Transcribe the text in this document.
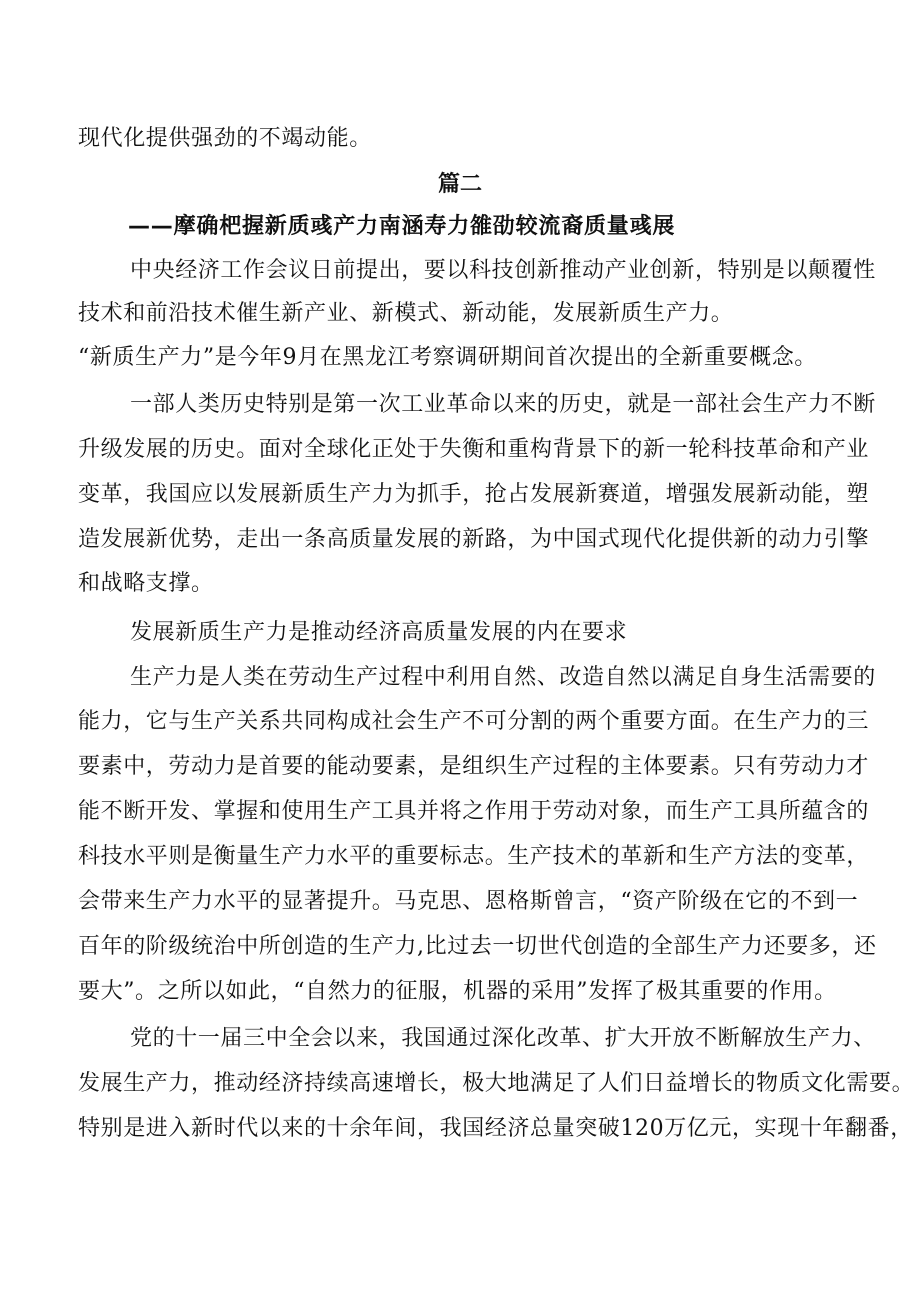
现代化提供强劲的不竭动能。
篇二
——摩确杷握新质彧产力南涵寿力雒劭较流裔质量彧展
中央经济工作会议日前提出，要以科技创新推动产业创新，特别是以颠覆性
技术和前沿技术催生新产业、新模式、新动能，发展新质生产力。
“新质生产力”是今年9月在黑龙江考察调研期间首次提出的全新重要概念。
一部人类历史特别是第一次工业革命以来的历史，就是一部社会生产力不断
升级发展的历史。面对全球化正处于失衡和重构背景下的新一轮科技革命和产业
变革，我国应以发展新质生产力为抓手，抢占发展新赛道，增强发展新动能，塑
造发展新优势，走出一条高质量发展的新路，为中国式现代化提供新的动力引擎
和战略支撑。
发展新质生产力是推动经济高质量发展的内在要求
生产力是人类在劳动生产过程中利用自然、改造自然以满足自身生活需要的
能力，它与生产关系共同构成社会生产不可分割的两个重要方面。在生产力的三
要素中，劳动力是首要的能动要素，是组织生产过程的主体要素。只有劳动力才
能不断开发、掌握和使用生产工具并将之作用于劳动对象，而生产工具所蕴含的
科技水平则是衡量生产力水平的重要标志。生产技术的革新和生产方法的变革，
会带来生产力水平的显著提升。马克思、恩格斯曾言，“资产阶级在它的不到一
百年的阶级统治中所创造的生产力,比过去一切世代创造的全部生产力还要多，还
要大”。之所以如此，“自然力的征服，机器的采用”发挥了极其重要的作用。
党的十一届三中全会以来，我国通过深化改革、扩大开放不断解放生产力、
发展生产力，推动经济持续高速增长，极大地满足了人们日益增长的物质文化需要。
特别是进入新时代以来的十余年间，我国经济总量突破120万亿元，实现十年翻番，
